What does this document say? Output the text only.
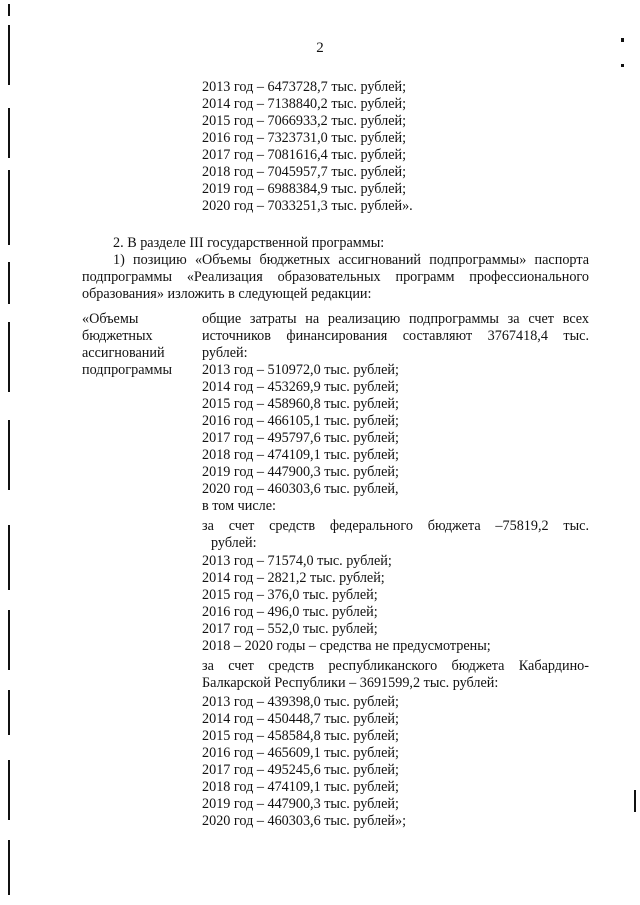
2
2013 год – 6473728,7 тыс. рублей;
2014 год – 7138840,2 тыс. рублей;
2015 год – 7066933,2 тыс. рублей;
2016 год – 7323731,0 тыс. рублей;
2017 год – 7081616,4 тыс. рублей;
2018 год – 7045957,7 тыс. рублей;
2019 год – 6988384,9 тыс. рублей;
2020 год – 7033251,3 тыс. рублей».
2. В разделе III государственной программы:
1) позицию «Объемы бюджетных ассигнований подпрограммы» паспорта
подпрограммы «Реализация образовательных программ профессионального
образования» изложить в следующей редакции:
«Объемы
бюджетных
ассигнований
подпрограммы
общие затраты на реализацию подпрограммы за счет всех
источников финансирования составляют 3767418,4 тыс.
рублей:
2013 год – 510972,0 тыс. рублей;
2014 год – 453269,9 тыс. рублей;
2015 год – 458960,8 тыс. рублей;
2016 год – 466105,1 тыс. рублей;
2017 год – 495797,6 тыс. рублей;
2018 год – 474109,1 тыс. рублей;
2019 год – 447900,3 тыс. рублей;
2020 год – 460303,6 тыс. рублей,
в том числе:
за счет средств федерального бюджета –75819,2 тыс.
рублей:
2013 год – 71574,0 тыс. рублей;
2014 год – 2821,2 тыс. рублей;
2015 год – 376,0 тыс. рублей;
2016 год – 496,0 тыс. рублей;
2017 год – 552,0 тыс. рублей;
2018 – 2020 годы – средства не предусмотрены;
за счет средств республиканского бюджета Кабардино-
Балкарской Республики – 3691599,2 тыс. рублей:
2013 год – 439398,0 тыс. рублей;
2014 год – 450448,7 тыс. рублей;
2015 год – 458584,8 тыс. рублей;
2016 год – 465609,1 тыс. рублей;
2017 год – 495245,6 тыс. рублей;
2018 год – 474109,1 тыс. рублей;
2019 год – 447900,3 тыс. рублей;
2020 год – 460303,6 тыс. рублей»;
